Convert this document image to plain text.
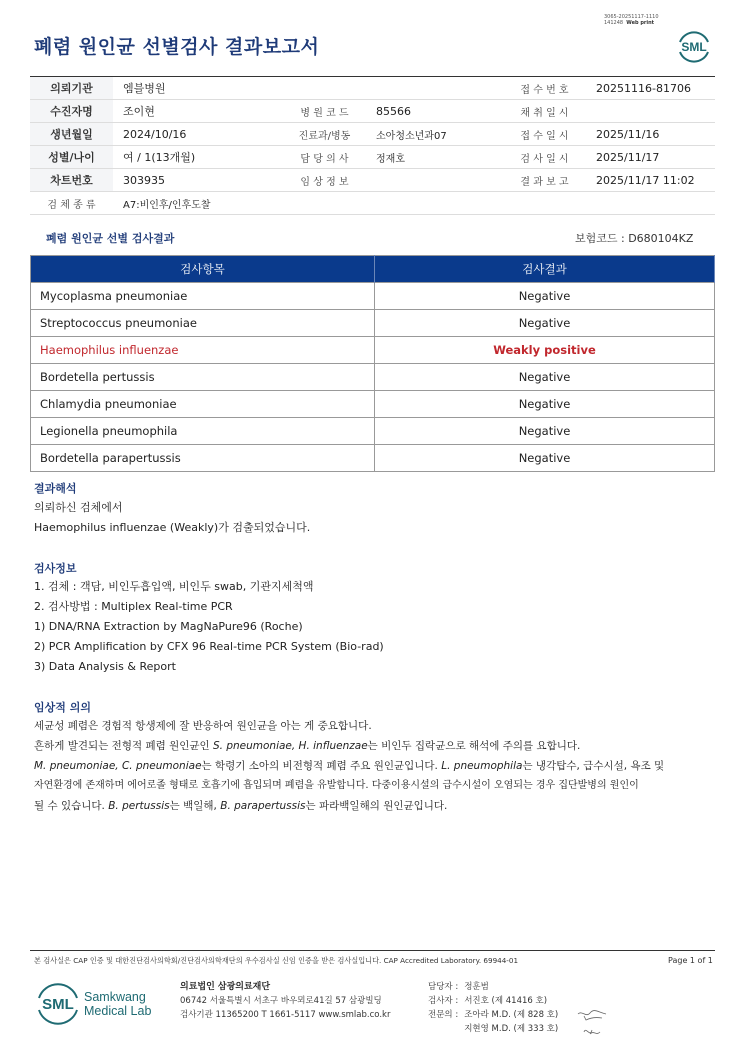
3065-20251117-1110
141248 Web print
폐렴 원인균 선별검사 결과보고서	SML
의뢰기관	엠블병원			접 수 번 호	20251116-81706
수진자명	조이현	병 원 코 드	85566	채 취 일 시	
생년월일	2024/10/16	진료과/병동	소아청소년과07	접 수 일 시	2025/11/16
성별/나이	여 / 1(13개월)	담 당 의 사	정재호	검 사 일 시	2025/11/17
차트번호	303935	임 상 정 보		결 과 보 고	2025/11/17 11:02
검 체 종 류	A7:비인후/인후도찰				
폐렴 원인균 선별 검사결과	보험코드 : D680104KZ
검사항목	검사결과
Mycoplasma pneumoniae	Negative
Streptococcus pneumoniae	Negative
Haemophilus influenzae	Weakly positive
Bordetella pertussis	Negative
Chlamydia pneumoniae	Negative
Legionella pneumophila	Negative
Bordetella parapertussis	Negative
결과해석

의뢰하신 검체에서

Haemophilus influenzae (Weakly)가 검출되었습니다.

검사정보

1. 검체 : 객담, 비인두흡입액, 비인두 swab, 기관지세척액

2. 검사방법 : Multiplex Real-time PCR

1) DNA/RNA Extraction by MagNaPure96 (Roche)

2) PCR Amplification by CFX 96 Real-time PCR System (Bio-rad)

3) Data Analysis & Report

임상적 의의

세균성 폐렴은 경험적 항생제에 잘 반응하여 원인균을 아는 게 중요합니다.

흔하게 발견되는 전형적 폐렴 원인균인 S. pneumoniae, H. influenzae는 비인두 집락균으로 해석에 주의를 요합니다.

M. pneumoniae, C. pneumoniae는 학령기 소아의 비전형적 폐렴 주요 원인균입니다. L. pneumophila는 냉각탑수, 급수시설, 욕조 및

자연환경에 존재하며 에어로졸 형태로 호흡기에 흡입되며 폐렴을 유발합니다. 다중이용시설의 급수시설이 오염되는 경우 집단발병의 원인이

될 수 있습니다. B. pertussis는 백일해, B. parapertussis는 파라백일해의 원인균입니다.

본 검사실은 CAP 인증 및 대한진단검사의학회/진단검사의학재단의 우수검사실 신임 인증을 받은 검사실입니다. CAP Accredited Laboratory. 69944-01	Page 1 of 1
SML Samkwang
Medical Lab
의료법인 삼광의료재단
06742 서울특별시 서초구 바우뫼로41길 57 삼광빌딩
검사기관 11365200 T 1661-5117 www.smlab.co.kr
담당자 :	정훈범
검사자 :	서진호 (제 41416 호)
전문의 :	조아라 M.D. (제 828 호)
	지현영 M.D. (제 333 호)
